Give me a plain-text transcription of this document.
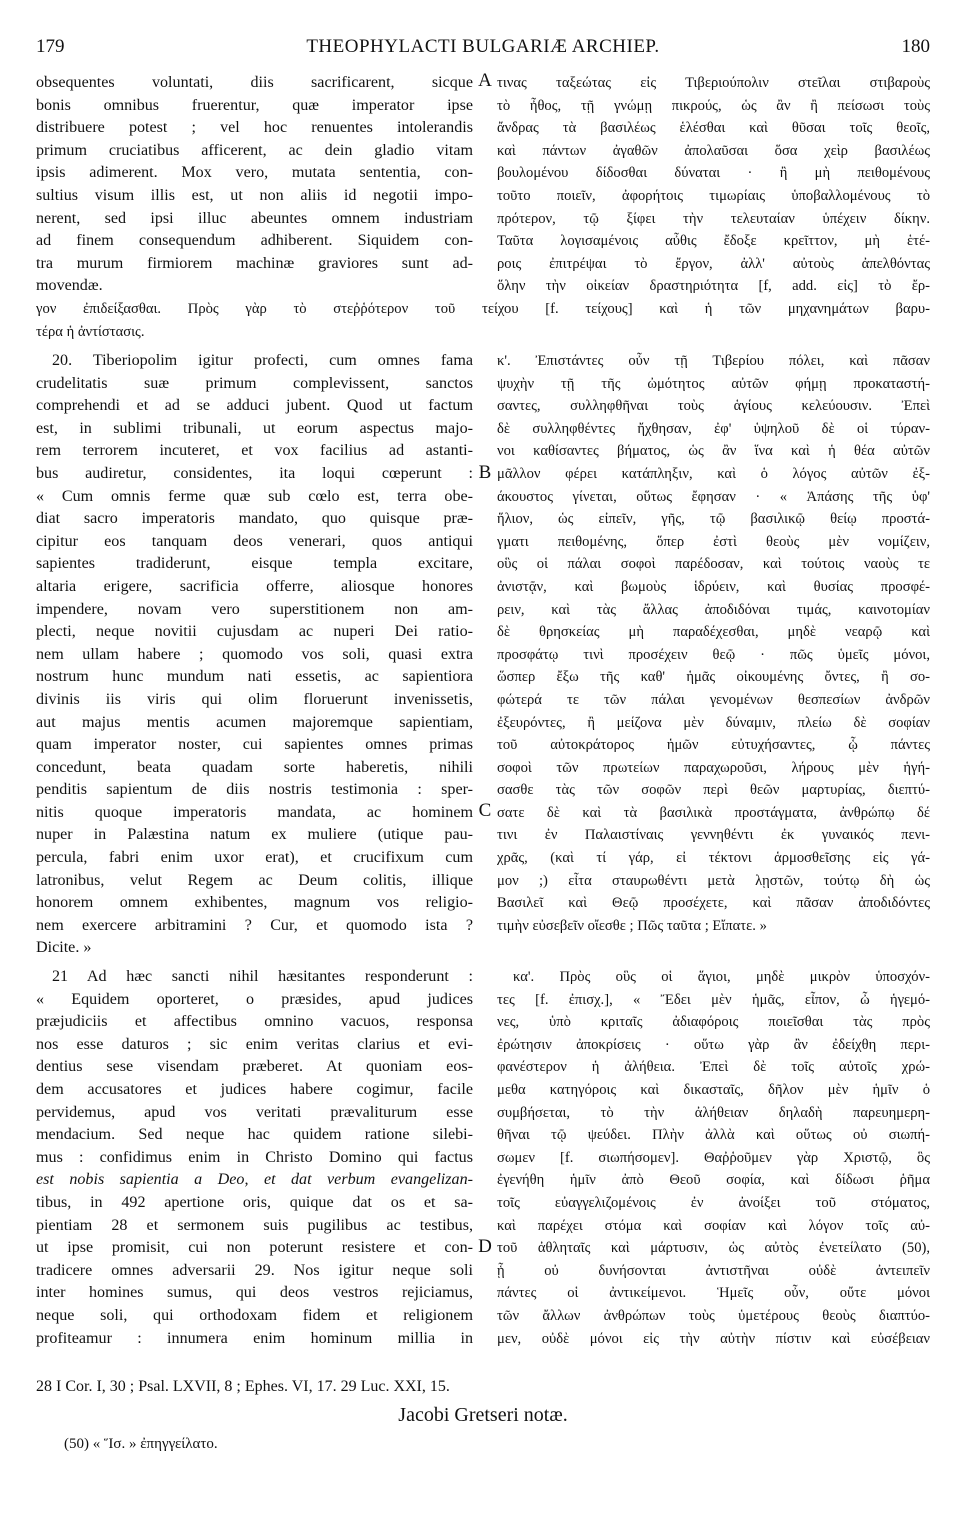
179	THEOPHYLACTI BULGARIÆ ARCHIEP.	180
obsequentes voluntati, diis sacrificarent, sicque
bonis omnibus fruerentur, quæ imperator ipse
distribuere potest ; vel hoc renuentes intolerandis
primum cruciatibus afficerent, ac dein gladio vitam
ipsis adimerent. Mox vero, mutata sententia, con-
sultius visum illis est, ut non aliis id negotii impo-
nerent, sed ipsi illuc abeuntes omnem industriam
ad finem consequendum adhiberent. Siquidem con-
tra murum firmiorem machinæ graviores sunt ad-
movendæ.
τινας ταξεώτας εἰς Τιβεριούπολιν στεῖλαι στιβαροὺς
τὸ ἦθος, τῇ γνώμῃ πικρούς, ὡς ἂν ἢ πείσωσι τοὺς
ἄνδρας τὰ βασιλέως ἑλέσθαι καὶ θῦσαι τοῖς θεοῖς,
καὶ πάντων ἀγαθῶν ἀπολαῦσαι ὅσα χεὶρ βασιλέως
βουλομένου δίδοσθαι δύναται · ἢ μὴ πειθομένους
τοῦτο ποιεῖν, ἀφορήτοις τιμωρίαις ὑποβαλλομένους τὸ
πρότερον, τῷ ξίφει τὴν τελευταίαν ὑπέχειν δίκην.
Ταῦτα λογισαμένοις αὖθις ἔδοξε κρεῖττον, μὴ ἑτέ-
ροις ἐπιτρέψαι τὸ ἔργον, ἀλλ' αὐτοὺς ἀπελθόντας
ὅλην τὴν οἰκείαν δραστηριότητα [f, add. εἰς] τὸ ἔρ-
A
γον ἐπιδείξασθαι. Πρὸς γὰρ τὸ στεῤῥότερον τοῦ τείχου [f. τείχους] καὶ ἡ τῶν μηχανημάτων βαρυ-
τέρα ἡ ἀντίστασις.
20. Tiberiopolim igitur profecti, cum omnes fama
crudelitatis suæ primum complevissent, sanctos
comprehendi et ad se adduci jubent. Quod ut factum
est, in sublimi tribunali, ut eorum aspectus majo-
rem terrorem incuteret, et vox facilius ad astanti-
bus audiretur, considentes, ita loqui cœperunt :
« Cum omnis ferme quæ sub cœlo est, terra obe-
diat sacro imperatoris mandato, quo quisque præ-
cipitur eos tanquam deos venerari, quos antiqui
sapientes tradiderunt, eisque templa excitare,
altaria erigere, sacrificia offerre, aliosque honores
impendere, novam vero superstitionem non am-
plecti, neque novitii cujusdam ac nuperi Dei ratio-
nem ullam habere ; quomodo vos soli, quasi extra
nostrum hunc mundum nati essetis, ac sapientiora
divinis iis viris qui olim floruerunt invenissetis,
aut majus mentis acumen majoremque sapientiam,
quam imperator noster, cui sapientes omnes primas
concedunt, beata quadam sorte haberetis, nihili
penditis sapientum de diis nostris testimonia : sper-
nitis quoque imperatoris mandata, ac hominem
nuper in Palæstina natum ex muliere (utique pau-
percula, fabri enim uxor erat), et crucifixum cum
latronibus, velut Regem ac Deum colitis, illique
honorem omnem exhibentes, magnum vos religio-
nem exercere arbitramini ? Cur, et quomodo ista ?
Dicite. »
κ'. Ἐπιστάντες οὖν τῇ Τιβερίου πόλει, καὶ πᾶσαν
ψυχὴν τῇ τῆς ὠμότητος αὐτῶν φήμῃ προκαταστή-
σαντες, συλληφθῆναι τοὺς ἁγίους κελεύουσιν. Ἐπεὶ
δὲ συλληφθέντες ἤχθησαν, ἐφ' ὑψηλοῦ δὲ οἱ τύραν-
νοι καθίσαντες βήματος, ὡς ἂν ἵνα καὶ ἡ θέα αὐτῶν
μᾶλλον φέρει κατάπληξιν, καὶ ὁ λόγος αὐτῶν ἐξ-
άκουστος γίνεται, οὕτως ἔφησαν · « Ἁπάσης τῆς ὑφ'
ἥλιον, ὡς εἰπεῖν, γῆς, τῷ βασιλικῷ θείῳ προστά-
γματι πειθομένης, ὅπερ ἐστὶ θεοὺς μὲν νομίζειν,
οὓς οἱ πάλαι σοφοὶ παρέδοσαν, καὶ τούτοις ναοὺς τε
ἀνιστᾷν, καὶ βωμοὺς ἱδρύειν, καὶ θυσίας προσφέ-
ρειν, καὶ τὰς ἄλλας ἀποδιδόναι τιμάς, καινοτομίαν
δὲ θρησκείας μὴ παραδέχεσθαι, μηδὲ νεαρῷ καὶ
προσφάτῳ τινὶ προσέχειν θεῷ · πῶς ὑμεῖς μόνοι,
ὥσπερ ἔξω τῆς καθ' ἡμᾶς οἰκουμένης ὄντες, ἢ σο-
φώτερά τε τῶν πάλαι γενομένων θεσπεσίων ἀνδρῶν
ἐξευρόντες, ἢ μείζονα μὲν δύναμιν, πλείω δὲ σοφίαν
τοῦ αὐτοκράτορος ἡμῶν εὐτυχήσαντες, ᾧ πάντες
σοφοὶ τῶν πρωτείων παραχωροῦσι, λήρους μὲν ἡγή-
σασθε τὰς τῶν σοφῶν περὶ θεῶν μαρτυρίας, διεπτύ-
σατε δὲ καὶ τὰ βασιλικὰ προστάγματα, ἀνθρώπῳ δέ
τινι ἐν Παλαιστίναις γεννηθέντι ἐκ γυναικός πενι-
χρᾶς, (καὶ τί γάρ, εἰ τέκτονι ἁρμοσθεῖσης εἰς γά-
μον ;) εἶτα σταυρωθέντι μετὰ λῃστῶν, τούτῳ δὴ ὡς
Βασιλεῖ καὶ Θεῷ προσέχετε, καὶ πᾶσαν ἀποδιδόντες
τιμὴν εὐσεβεῖν οἴεσθε ; Πῶς ταῦτα ; Εἴπατε. »
B
C
21 Ad hæc sancti nihil hæsitantes responderunt :
« Equidem oporteret, o præsides, apud judices
præjudiciis et affectibus omnino vacuos, responsa
nos esse daturos ; sic enim veritas clarius et evi-
dentius sese visendam præberet. At quoniam eos-
dem accusatores et judices habere cogimur, facile
pervidemus, apud vos veritati prævaliturum esse
mendacium. Sed neque hac quidem ratione silebi-
mus : confidimus enim in Christo Domino qui factus
est nobis sapientia a Deo, et dat verbum evangelizan-
tibus, in 492 apertione oris, quique dat os et sa-
pientiam 28 et sermonem suis pugilibus ac testibus,
ut ipse promisit, cui non poterunt resistere et con-
tradicere omnes adversarii 29. Nos igitur neque soli
inter homines sumus, qui deos vestros rejiciamus,
neque soli, qui orthodoxam fidem et religionem
profiteamur : innumera enim hominum millia in
κα'. Πρὸς οὓς οἱ ἅγιοι, μηδὲ μικρὸν ὑποσχόν-
τες [f. ἐπισχ.], « Ἔδει μὲν ἡμᾶς, εἶπον, ὦ ἡγεμό-
νες, ὑπὸ κριταῖς ἀδιαφόροις ποιεῖσθαι τὰς πρὸς
ἐρώτησιν ἀποκρίσεις · οὕτω γὰρ ἂν ἐδείχθη περι-
φανέστερον ἡ ἀλήθεια. Ἐπεὶ δὲ τοῖς αὐτοῖς χρώ-
μεθα κατηγόροις καὶ δικασταῖς, δῆλον μὲν ἡμῖν ὁ
συμβήσεται, τὸ τὴν ἀλήθειαν δηλαδὴ παρευημερη-
θῆναι τῷ ψεύδει. Πλὴν ἀλλὰ καὶ οὕτως οὐ σιωπή-
σωμεν [f. σιωπήσομεν]. Θαῤῥοῦμεν γὰρ Χριστῷ, ὃς
ἐγενήθη ἡμῖν ἀπὸ Θεοῦ σοφία, καὶ δίδωσι ῥῆμα
τοῖς εὐαγγελιζομένοις ἐν ἀνοίξει τοῦ στόματος,
καὶ παρέχει στόμα καὶ σοφίαν καὶ λόγον τοῖς αὐ-
τοῦ ἀθληταῖς καὶ μάρτυσιν, ὡς αὐτὸς ἐνετείλατο (50),
ᾗ οὐ δυνήσονται ἀντιστῆναι οὐδὲ ἀντειπεῖν
πάντες οἱ ἀντικείμενοι. Ἡμεῖς οὖν, οὔτε μόνοι
τῶν ἄλλων ἀνθρώπων τοὺς ὑμετέρους θεοὺς διαπτύο-
μεν, οὐδὲ μόνοι εἰς τὴν αὐτὴν πίστιν καὶ εὐσέβειαν
D
28 I Cor. I, 30 ; Psal. LXVII, 8 ; Ephes. VI, 17. 29 Luc. XXI, 15.
Jacobi Gretseri notæ.
(50) « Ἵσ. » ἐπηγγείλατο.
